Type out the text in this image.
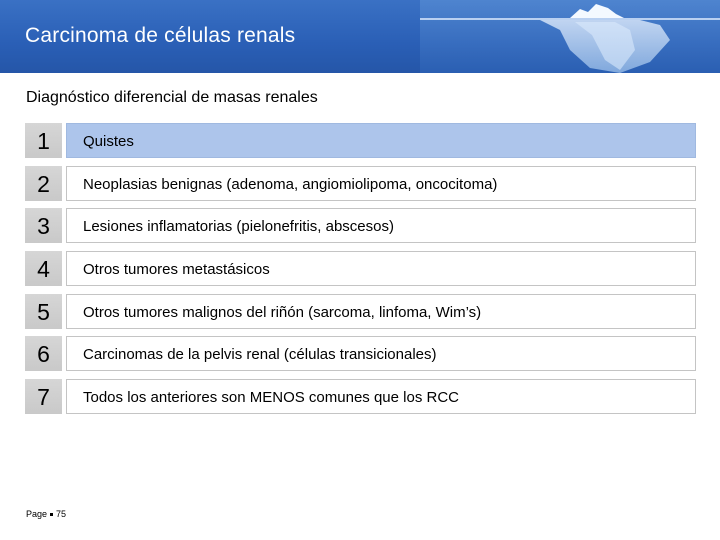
Carcinoma de células renals
Diagnóstico diferencial de masas renales
1	Quistes
2	Neoplasias benignas (adenoma, angiomiolipoma, oncocitoma)
3	Lesiones inflamatorias (pielonefritis, abscesos)
4	Otros tumores metastásicos
5	Otros tumores malignos del riñón (sarcoma, linfoma, Wim’s)
6	Carcinomas de la pelvis renal (células transicionales)
7	Todos los anteriores son MENOS comunes que los RCC
Page 75
